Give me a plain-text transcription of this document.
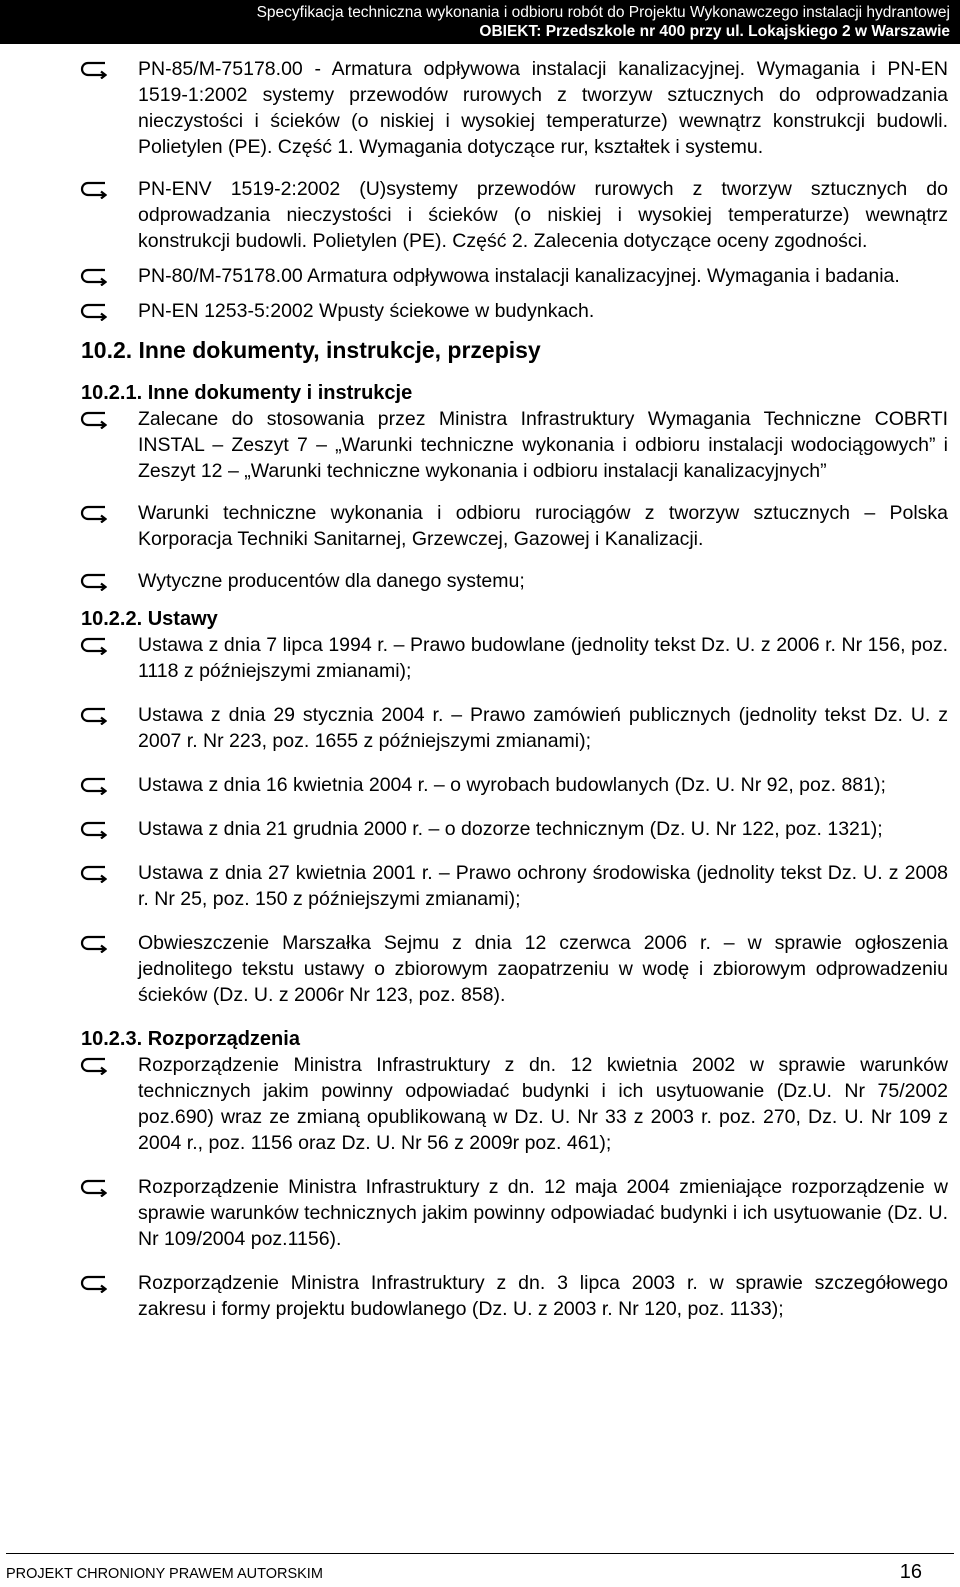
Specyfikacja techniczna wykonania i odbioru robót do Projektu Wykonawczego instalacji hydrantowej
OBIEKT: Przedszkole nr 400 przy ul. Lokajskiego 2 w Warszawie
PN-85/M-75178.00 - Armatura odpływowa instalacji kanalizacyjnej. Wymagania i PN-EN 1519-1:2002 systemy przewodów rurowych z tworzyw sztucznych do odprowadzania nieczystości i ścieków (o niskiej i wysokiej temperaturze) wewnątrz konstrukcji budowli. Polietylen (PE). Część 1. Wymagania dotyczące rur, kształtek i systemu.
PN-ENV 1519-2:2002 (U)systemy przewodów rurowych z tworzyw sztucznych do odprowadzania nieczystości i ścieków (o niskiej i wysokiej temperaturze) wewnątrz konstrukcji budowli. Polietylen (PE). Część 2. Zalecenia dotyczące oceny zgodności.
PN-80/M-75178.00 Armatura odpływowa instalacji kanalizacyjnej. Wymagania i badania.
PN-EN 1253-5:2002 Wpusty ściekowe w budynkach.
10.2. Inne dokumenty, instrukcje, przepisy
10.2.1. Inne dokumenty i instrukcje
Zalecane do stosowania przez Ministra Infrastruktury Wymagania Techniczne COBRTI INSTAL – Zeszyt 7 – „Warunki techniczne wykonania i odbioru instalacji wodociągowych” i Zeszyt 12 – „Warunki techniczne wykonania i odbioru instalacji kanalizacyjnych”
Warunki techniczne wykonania i odbioru rurociągów z tworzyw sztucznych – Polska Korporacja Techniki Sanitarnej, Grzewczej, Gazowej i Kanalizacji.
Wytyczne producentów dla danego systemu;
10.2.2. Ustawy
Ustawa z dnia 7 lipca 1994 r. – Prawo budowlane (jednolity tekst Dz. U. z 2006 r. Nr 156, poz. 1118 z późniejszymi zmianami);
Ustawa z dnia 29 stycznia 2004 r. – Prawo zamówień publicznych (jednolity tekst Dz. U. z 2007 r. Nr 223, poz. 1655 z późniejszymi zmianami);
Ustawa z dnia 16 kwietnia 2004 r. – o wyrobach budowlanych (Dz. U. Nr 92, poz. 881);
Ustawa z dnia 21 grudnia 2000 r. – o dozorze technicznym (Dz. U. Nr 122, poz. 1321);
Ustawa z dnia 27 kwietnia 2001 r. – Prawo ochrony środowiska (jednolity tekst Dz. U. z 2008 r. Nr 25, poz. 150 z późniejszymi zmianami);
Obwieszczenie Marszałka Sejmu z dnia 12 czerwca 2006 r. – w sprawie ogłoszenia jednolitego tekstu ustawy o zbiorowym zaopatrzeniu w wodę i zbiorowym odprowadzeniu ścieków (Dz. U. z 2006r Nr 123, poz. 858).
10.2.3. Rozporządzenia
Rozporządzenie Ministra Infrastruktury z dn. 12 kwietnia 2002 w sprawie warunków technicznych jakim powinny odpowiadać budynki i ich usytuowanie (Dz.U. Nr 75/2002 poz.690) wraz ze zmianą opublikowaną w Dz. U. Nr 33 z 2003 r. poz. 270, Dz. U. Nr 109 z 2004 r., poz. 1156 oraz Dz. U. Nr 56 z 2009r poz. 461);
Rozporządzenie Ministra Infrastruktury z dn. 12 maja 2004 zmieniające rozporządzenie w sprawie warunków technicznych jakim powinny odpowiadać budynki i ich usytuowanie (Dz. U. Nr 109/2004 poz.1156).
Rozporządzenie Ministra Infrastruktury z dn. 3 lipca 2003 r. w sprawie szczegółowego zakresu i formy projektu budowlanego (Dz. U. z 2003 r. Nr 120, poz. 1133);
PROJEKT CHRONIONY PRAWEM AUTORSKIM	16
